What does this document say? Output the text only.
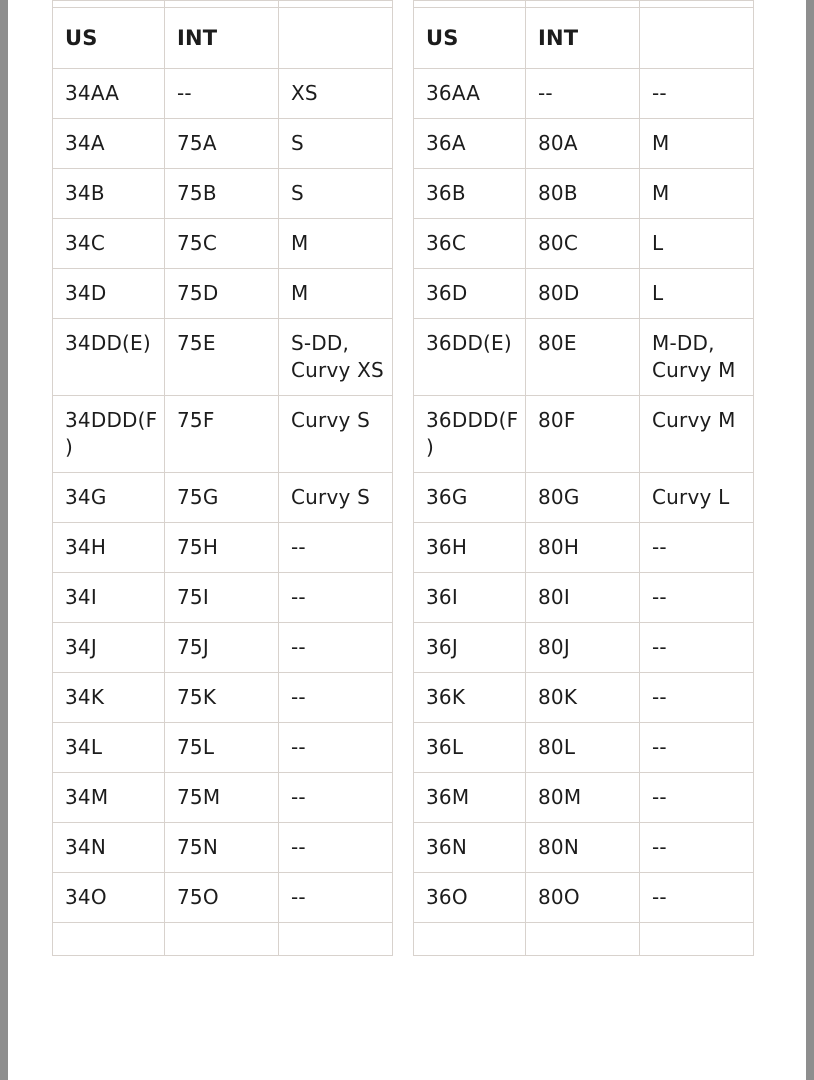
US	INT	
34AA	--	XS
34A	75A	S
34B	75B	S
34C	75C	M
34D	75D	M
34DD(E)	75E	S-DD, Curvy XS
34DDD(F)	75F	Curvy S
34G	75G	Curvy S
34H	75H	--
34I	75I	--
34J	75J	--
34K	75K	--
34L	75L	--
34M	75M	--
34N	75N	--
34O	75O	--

US	INT	
36AA	--	--
36A	80A	M
36B	80B	M
36C	80C	L
36D	80D	L
36DD(E)	80E	M-DD, Curvy M
36DDD(F)	80F	Curvy M
36G	80G	Curvy L
36H	80H	--
36I	80I	--
36J	80J	--
36K	80K	--
36L	80L	--
36M	80M	--
36N	80N	--
36O	80O	--
